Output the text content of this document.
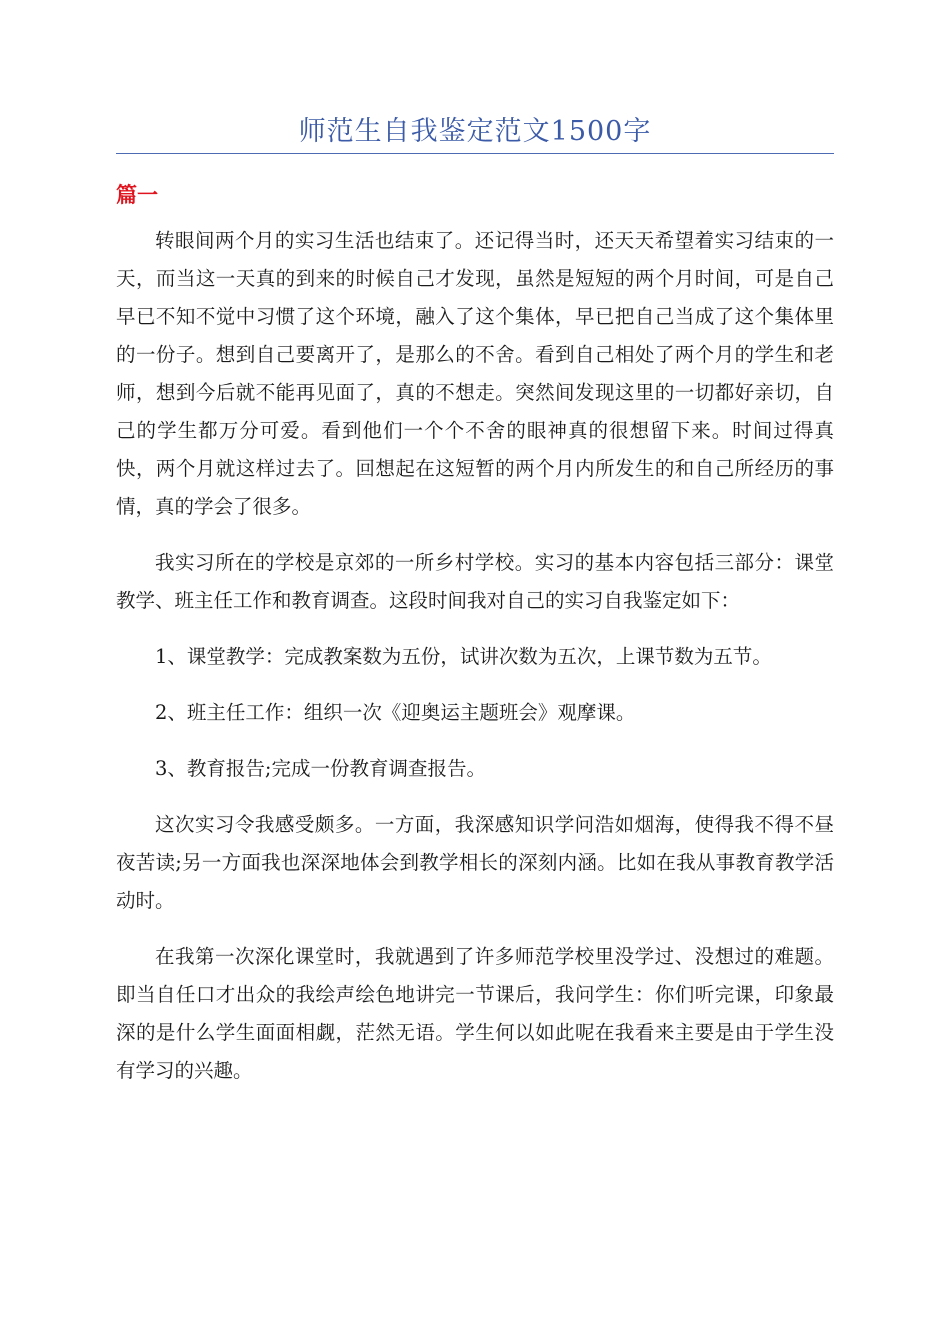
师范生自我鉴定范文1500字
篇一

转眼间两个月的实习生活也结束了。还记得当时，还天天希望着实习结束的一天，而当这一天真的到来的时候自己才发现，虽然是短短的两个月时间，可是自己早已不知不觉中习惯了这个环境，融入了这个集体，早已把自己当成了这个集体里的一份子。想到自己要离开了，是那么的不舍。看到自己相处了两个月的学生和老师，想到今后就不能再见面了，真的不想走。突然间发现这里的一切都好亲切，自己的学生都万分可爱。看到他们一个个不舍的眼神真的很想留下来。时间过得真快，两个月就这样过去了。回想起在这短暂的两个月内所发生的和自己所经历的事情，真的学会了很多。

我实习所在的学校是京郊的一所乡村学校。实习的基本内容包括三部分：课堂教学、班主任工作和教育调查。这段时间我对自己的实习自我鉴定如下：

1、课堂教学：完成教案数为五份，试讲次数为五次，上课节数为五节。

2、班主任工作：组织一次《迎奥运主题班会》观摩课。

3、教育报告;完成一份教育调查报告。

这次实习令我感受颇多。一方面，我深感知识学问浩如烟海，使得我不得不昼夜苦读;另一方面我也深深地体会到教学相长的深刻内涵。比如在我从事教育教学活动时。

在我第一次深化课堂时，我就遇到了许多师范学校里没学过、没想过的难题。即当自任口才出众的我绘声绘色地讲完一节课后，我问学生：你们听完课，印象最深的是什么学生面面相觑，茫然无语。学生何以如此呢在我看来主要是由于学生没有学习的兴趣。
